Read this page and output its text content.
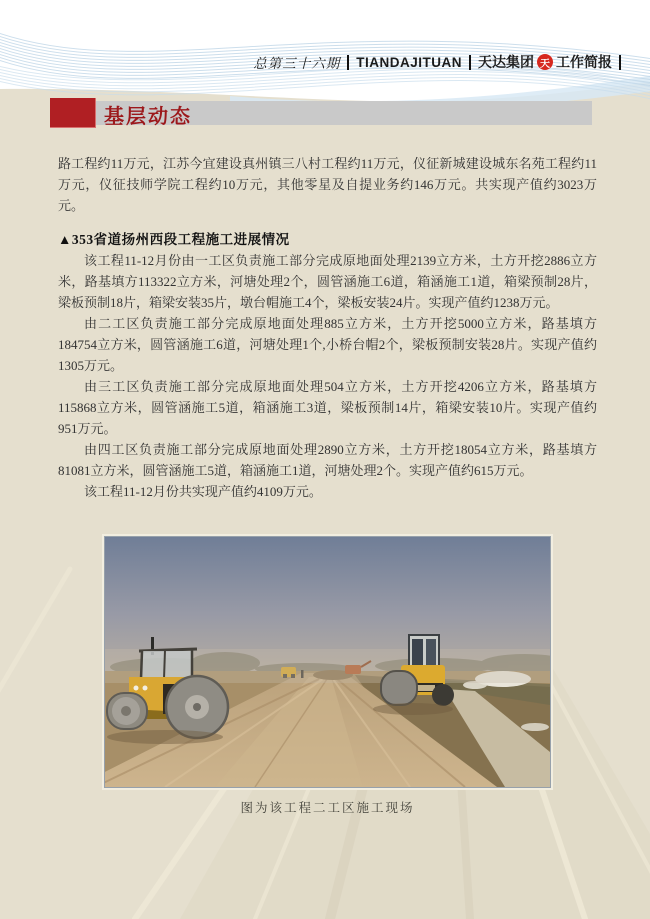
总第三十六期 TIANDAJITUAN 天达集团 天 工作简报
基层动态

路工程约11万元，江苏今宜建设真州镇三八村工程约11万元，仪征新城建设城东名苑工程约11万元，仪征技师学院工程约10万元，其他零星及自提业务约146万元。共实现产值约3023万元。

▲353省道扬州西段工程施工进展情况

该工程11-12月份由一工区负责施工部分完成原地面处理2139立方米，土方开挖2886立方米，路基填方113322立方米，河塘处理2个，圆管涵施工6道，箱涵施工1道，箱梁预制28片，梁板预制18片，箱梁安装35片，墩台帽施工4个，梁板安装24片。实现产值约1238万元。

由二工区负责施工部分完成原地面处理885立方米，土方开挖5000立方米，路基填方184754立方米，圆管涵施工6道，河塘处理1个,小桥台帽2个，梁板预制安装28片。实现产值约1305万元。

由三工区负责施工部分完成原地面处理504立方米，土方开挖4206立方米，路基填方115868立方米，圆管涵施工5道，箱涵施工3道，梁板预制14片，箱梁安装10片。实现产值约951万元。

由四工区负责施工部分完成原地面处理2890立方米，土方开挖18054立方米，路基填方81081立方米，圆管涵施工5道，箱涵施工1道，河塘处理2个。实现产值约615万元。

该工程11-12月份共实现产值约4109万元。

图为该工程二工区施工现场
